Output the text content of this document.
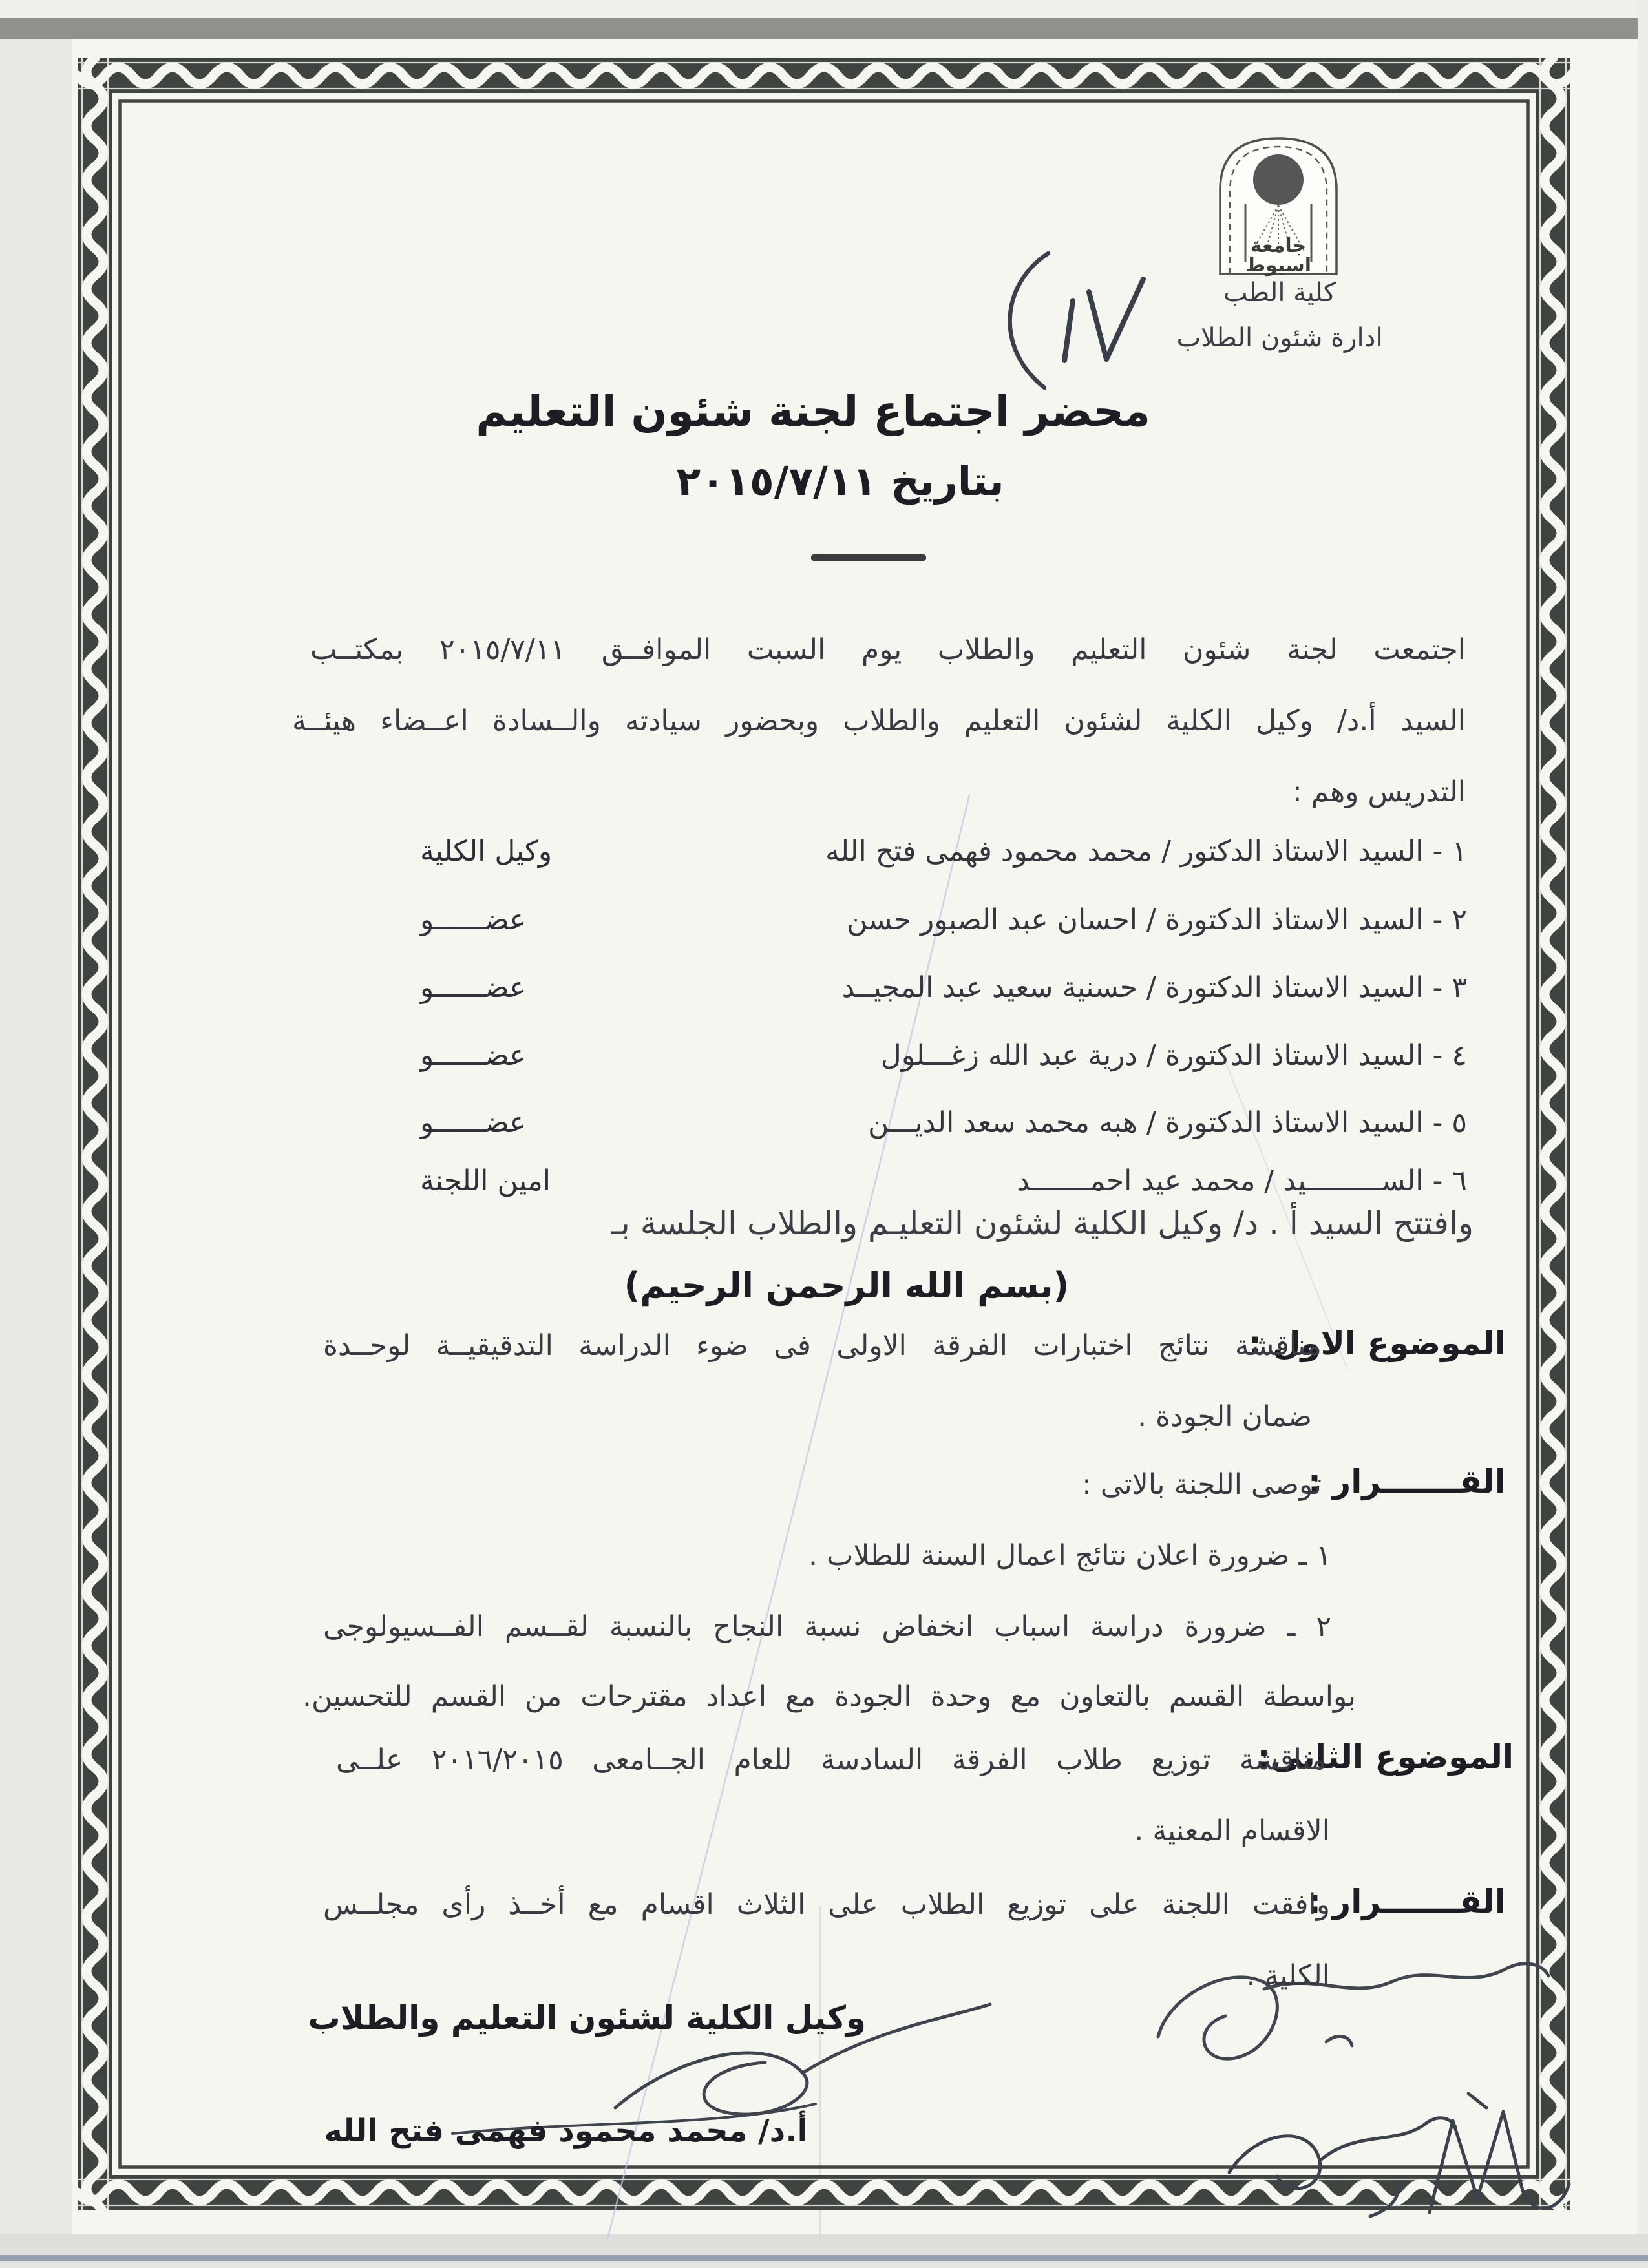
جامعة
اسيوط
كلية الطب
ادارة شئون الطلاب
محضر اجتماع لجنة شئون التعليم
بتاريخ ٢٠١٥/٧/١١
اجتمعت لجنة شئون التعليم والطلاب يوم السبت الموافــق ٢٠١٥/٧/١١ بمكتــب
السيد أ.د/ وكيل الكلية لشئون التعليم والطلاب وبحضور سيادته والــسادة اعــضاء هيئــة
التدريس وهم :
١ - السيد الاستاذ الدكتور / محمد محمود فهمى فتح الله
وكيل الكلية
٢ - السيد الاستاذ الدكتورة / احسان عبد الصبور حسن
عضــــــو
٣ - السيد الاستاذ الدكتورة / حسنية سعيد عبد المجيــد
عضــــــو
٤ - السيد الاستاذ الدكتورة / درية عبد الله زغـــلول
عضــــــو
٥ - السيد الاستاذ الدكتورة / هبه محمد سعد الديـــن
عضــــــو
٦ - الســـــــــيد / محمد عيد احمـــــــد
امين اللجنة
وافتتح السيد أ . د/ وكيل الكلية لشئون التعليـم والطلاب الجلسة بـ
(بسم الله الرحمن الرحيم)
الموضوع الاول :
مناقشة نتائج اختبارات الفرقة الاولى فى ضوء الدراسة التدقيقيــة لوحــدة
ضمان الجودة .
القـــــــرار :
توصى اللجنة بالاتى :
١ ـ ضرورة اعلان نتائج اعمال السنة للطلاب .
٢ ـ ضرورة دراسة اسباب انخفاض نسبة النجاح بالنسبة لقــسم الفــسيولوجى
بواسطة القسم بالتعاون مع وحدة الجودة مع اعداد مقترحات من القسم للتحسين.
الموضوع الثانى:
مناقشة توزيع طلاب الفرقة السادسة للعام الجــامعى ٢٠١٦/٢٠١٥ علــى
الاقسام المعنية .
القـــــــرار :
وافقت اللجنة على توزيع الطلاب على الثلاث اقسام مع أخــذ رأى مجلــس
الكلية .
وكيل الكلية لشئون التعليم والطلاب
أ.د/ محمد محمود فهمى فتح الله
